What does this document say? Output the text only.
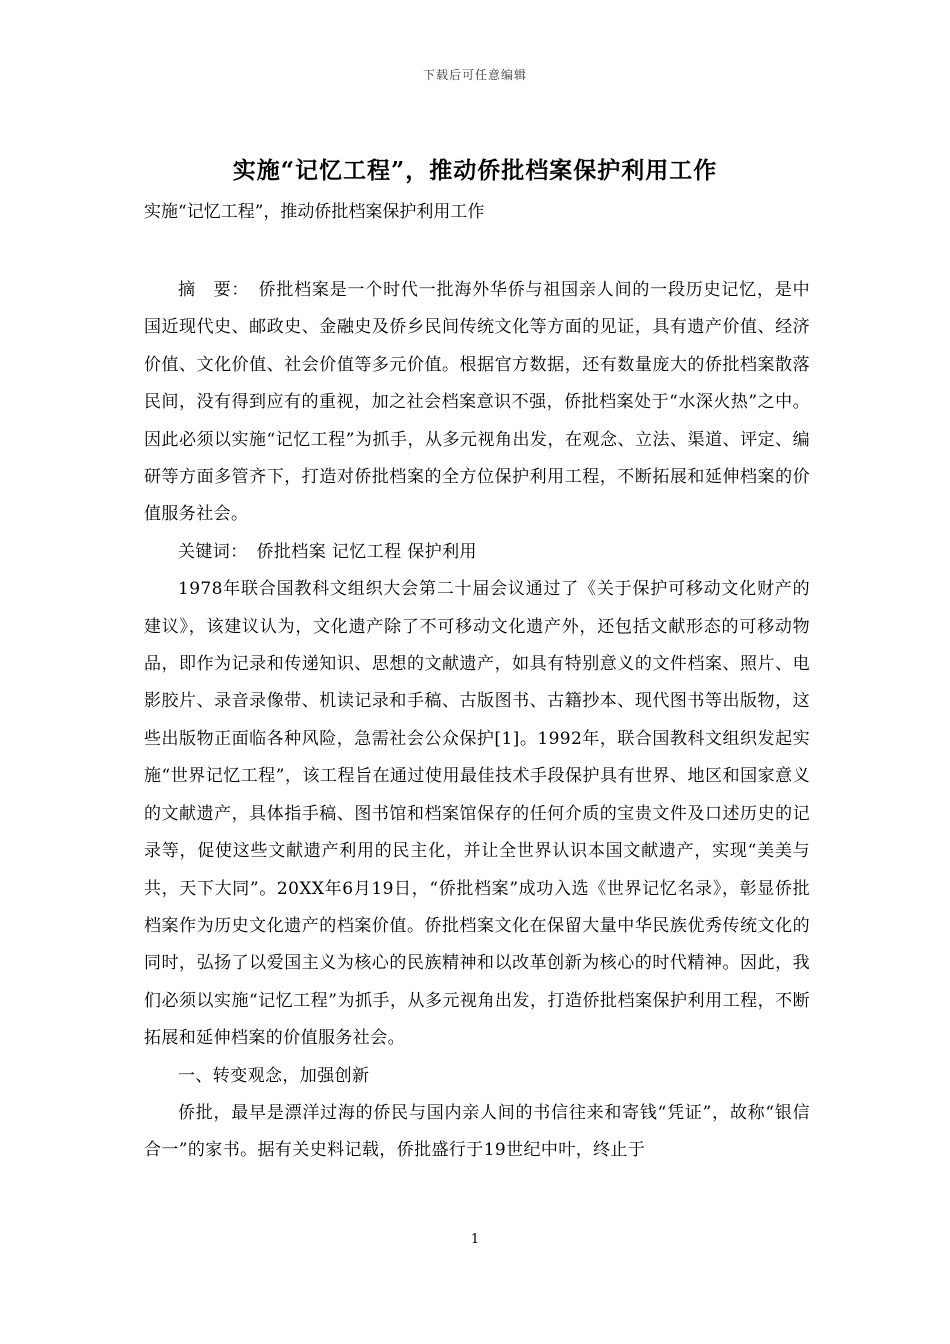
下载后可任意编辑
实施“记忆工程”，推动侨批档案保护利用工作
实施“记忆工程”，推动侨批档案保护利用工作

摘　要：　侨批档案是一个时代一批海外华侨与祖国亲人间的一段历史记忆，是中国近现代史、邮政史、金融史及侨乡民间传统文化等方面的见证，具有遗产价值、经济价值、文化价值、社会价值等多元价值。根据官方数据，还有数量庞大的侨批档案散落民间，没有得到应有的重视，加之社会档案意识不强，侨批档案处于“水深火热”之中。因此必须以实施“记忆工程”为抓手，从多元视角出发，在观念、立法、渠道、评定、编研等方面多管齐下，打造对侨批档案的全方位保护利用工程，不断拓展和延伸档案的价值服务社会。

关键词：　侨批档案 记忆工程 保护利用

1978年联合国教科文组织大会第二十届会议通过了《关于保护可移动文化财产的建议》，该建议认为，文化遗产除了不可移动文化遗产外，还包括文献形态的可移动物品，即作为记录和传递知识、思想的文献遗产，如具有特别意义的文件档案、照片、电影胶片、录音录像带、机读记录和手稿、古版图书、古籍抄本、现代图书等出版物，这些出版物正面临各种风险，急需社会公众保护[1]。1992年，联合国教科文组织发起实施“世界记忆工程”，该工程旨在通过使用最佳技术手段保护具有世界、地区和国家意义的文献遗产，具体指手稿、图书馆和档案馆保存的任何介质的宝贵文件及口述历史的记录等，促使这些文献遗产利用的民主化，并让全世界认识本国文献遗产，实现“美美与共，天下大同”。20XX年6月19日，“侨批档案”成功入选《世界记忆名录》，彰显侨批档案作为历史文化遗产的档案价值。侨批档案文化在保留大量中华民族优秀传统文化的同时，弘扬了以爱国主义为核心的民族精神和以改革创新为核心的时代精神。因此，我们必须以实施“记忆工程”为抓手，从多元视角出发，打造侨批档案保护利用工程，不断拓展和延伸档案的价值服务社会。

一、转变观念，加强创新

侨批，最早是漂洋过海的侨民与国内亲人间的书信往来和寄钱“凭证”，故称“银信合一”的家书。据有关史料记载，侨批盛行于19世纪中叶，终止于

1
